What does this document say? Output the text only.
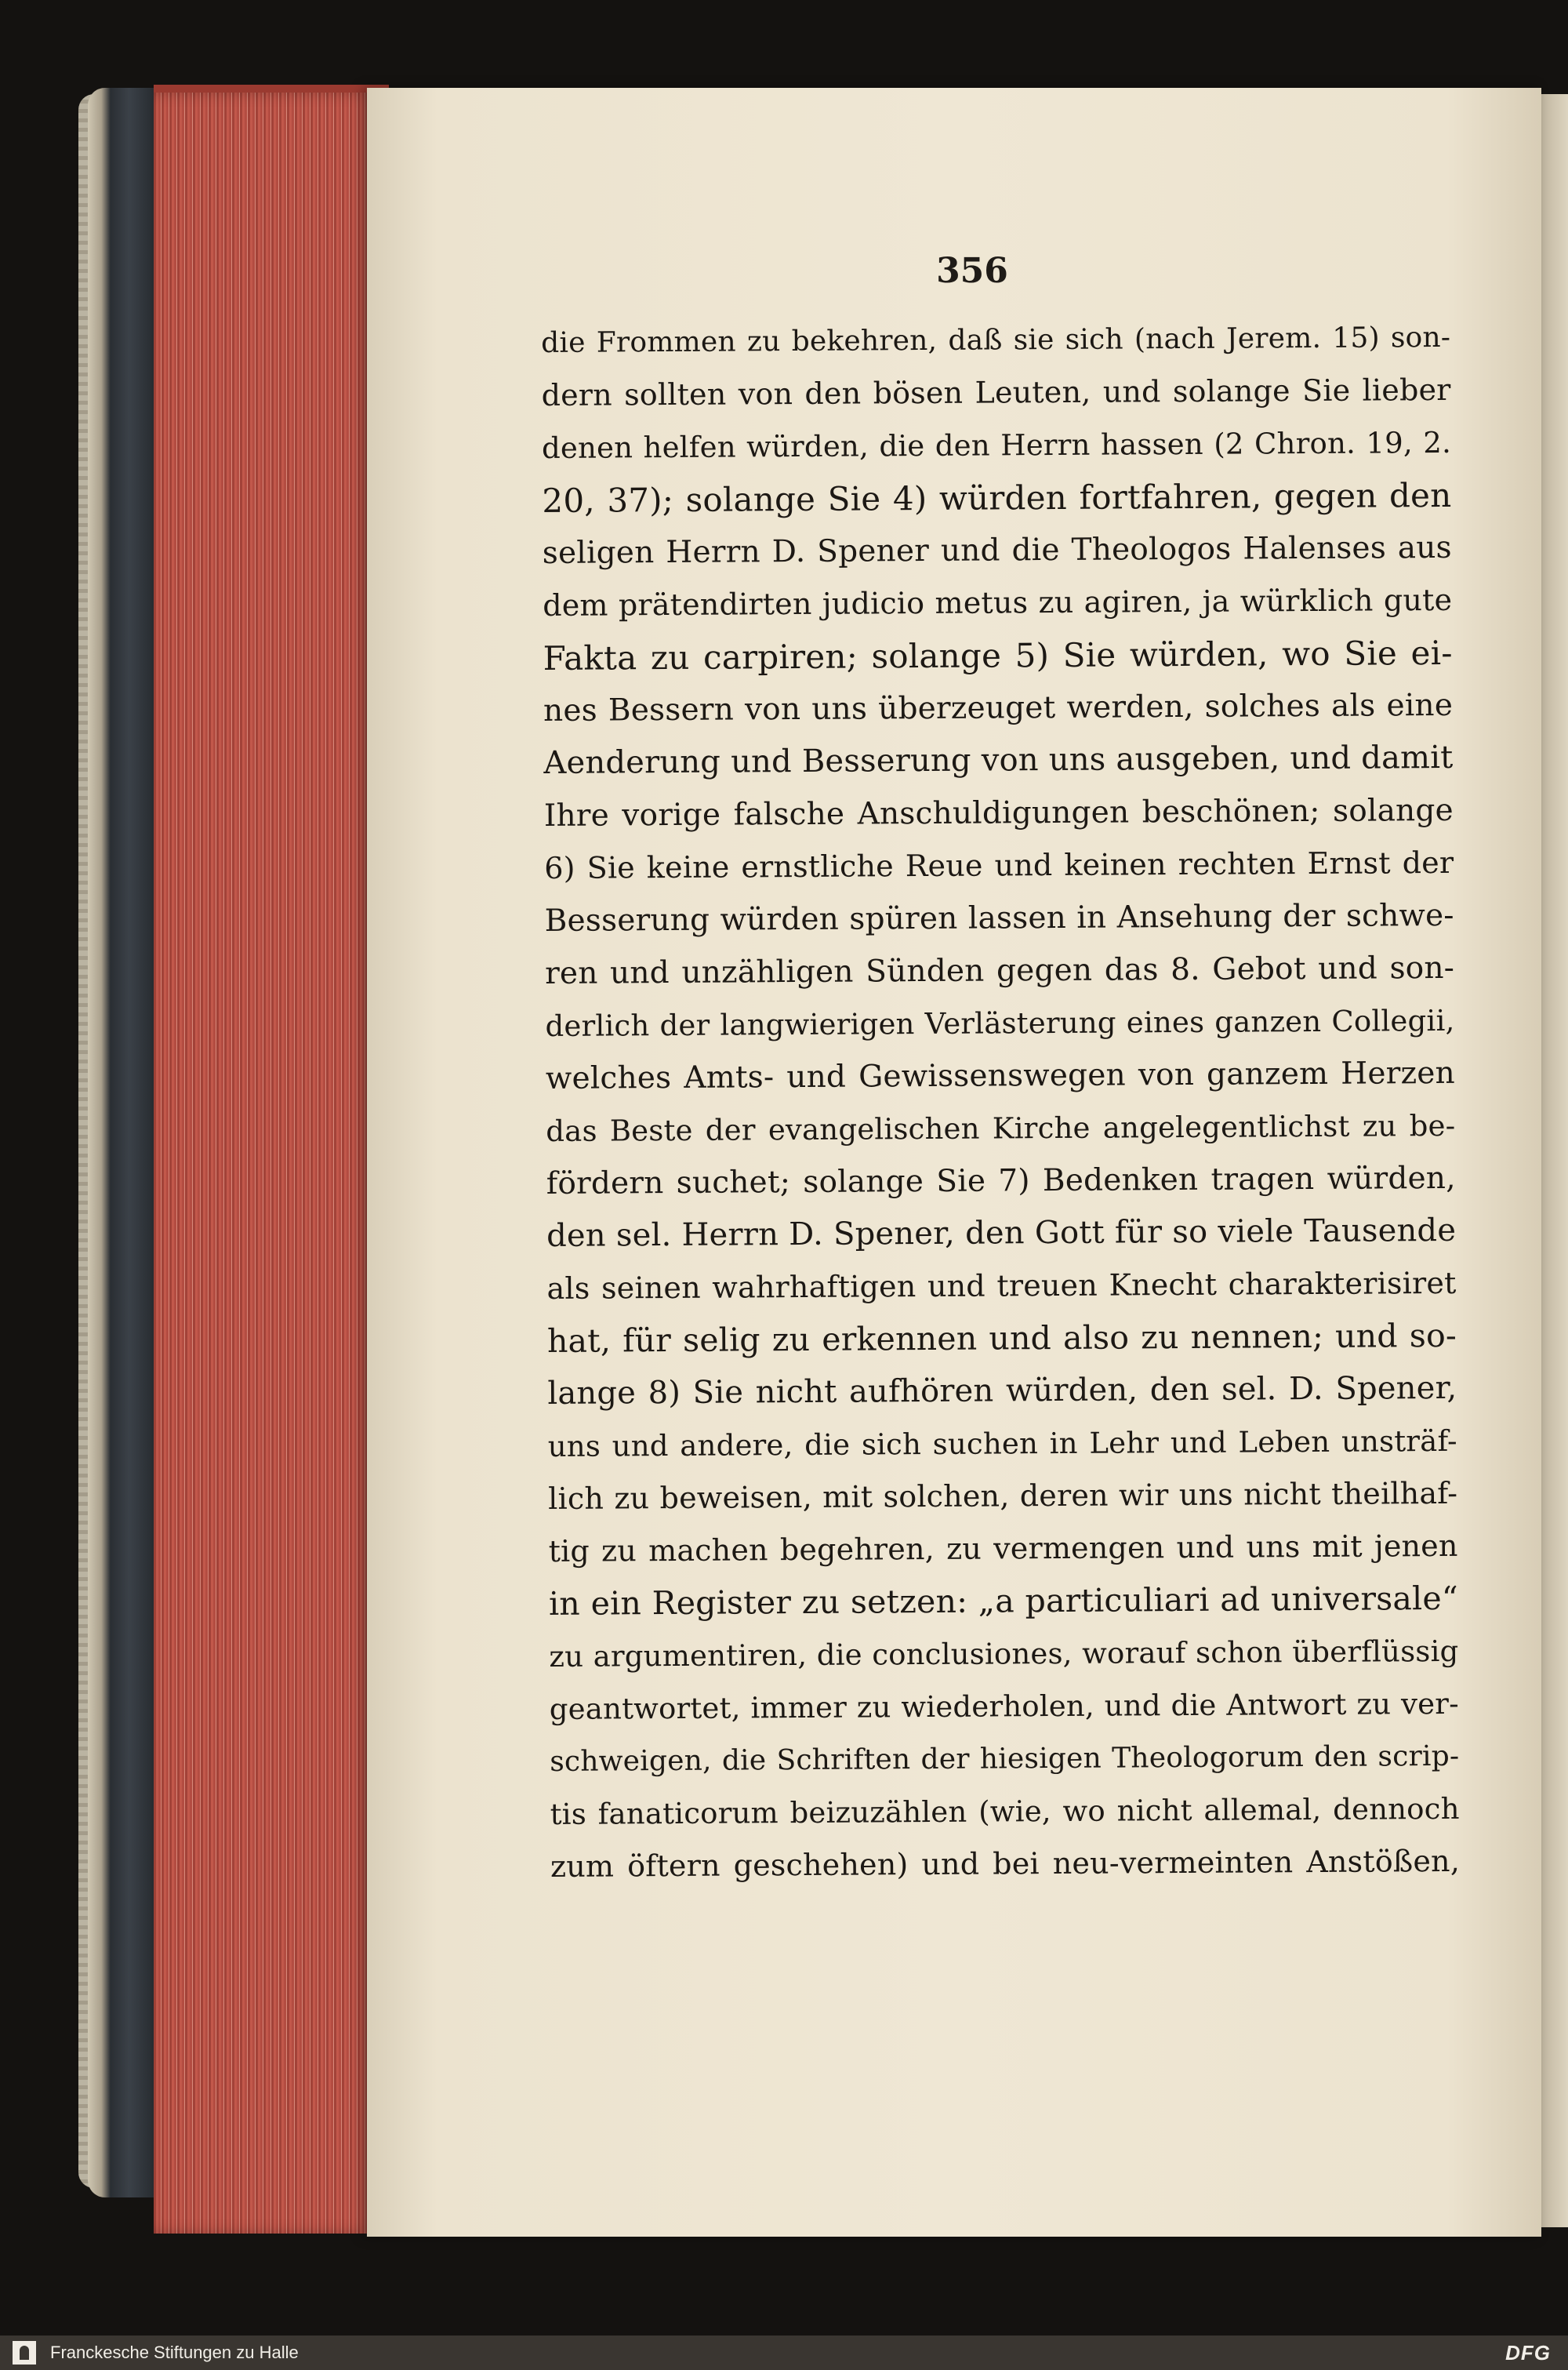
356
die Frommen zu bekehren, daß sie sich (nach Jerem. 15) son-
dern sollten von den bösen Leuten, und solange Sie lieber
denen helfen würden, die den Herrn hassen (2 Chron. 19, 2.
20, 37); solange Sie 4) würden fortfahren, gegen den
seligen Herrn D. Spener und die Theologos Halenses aus
dem prätendirten judicio metus zu agiren, ja würklich gute
Fakta zu carpiren; solange 5) Sie würden, wo Sie ei-
nes Bessern von uns überzeuget werden, solches als eine
Aenderung und Besserung von uns ausgeben, und damit
Ihre vorige falsche Anschuldigungen beschönen; solange
6) Sie keine ernstliche Reue und keinen rechten Ernst der
Besserung würden spüren lassen in Ansehung der schwe-
ren und unzähligen Sünden gegen das 8. Gebot und son-
derlich der langwierigen Verlästerung eines ganzen Collegii,
welches Amts- und Gewissenswegen von ganzem Herzen
das Beste der evangelischen Kirche angelegentlichst zu be-
fördern suchet; solange Sie 7) Bedenken tragen würden,
den sel. Herrn D. Spener, den Gott für so viele Tausende
als seinen wahrhaftigen und treuen Knecht charakterisiret
hat, für selig zu erkennen und also zu nennen; und so-
lange 8) Sie nicht aufhören würden, den sel. D. Spener,
uns und andere, die sich suchen in Lehr und Leben unsträf-
lich zu beweisen, mit solchen, deren wir uns nicht theilhaf-
tig zu machen begehren, zu vermengen und uns mit jenen
in ein Register zu setzen: „a particuliari ad universale“
zu argumentiren, die conclusiones, worauf schon überflüssig
geantwortet, immer zu wiederholen, und die Antwort zu ver-
schweigen, die Schriften der hiesigen Theologorum den scrip-
tis fanaticorum beizuzählen (wie, wo nicht allemal, dennoch
zum öftern geschehen) und bei neu-vermeinten Anstößen,
Franckesche Stiftungen zu Halle	DFG
